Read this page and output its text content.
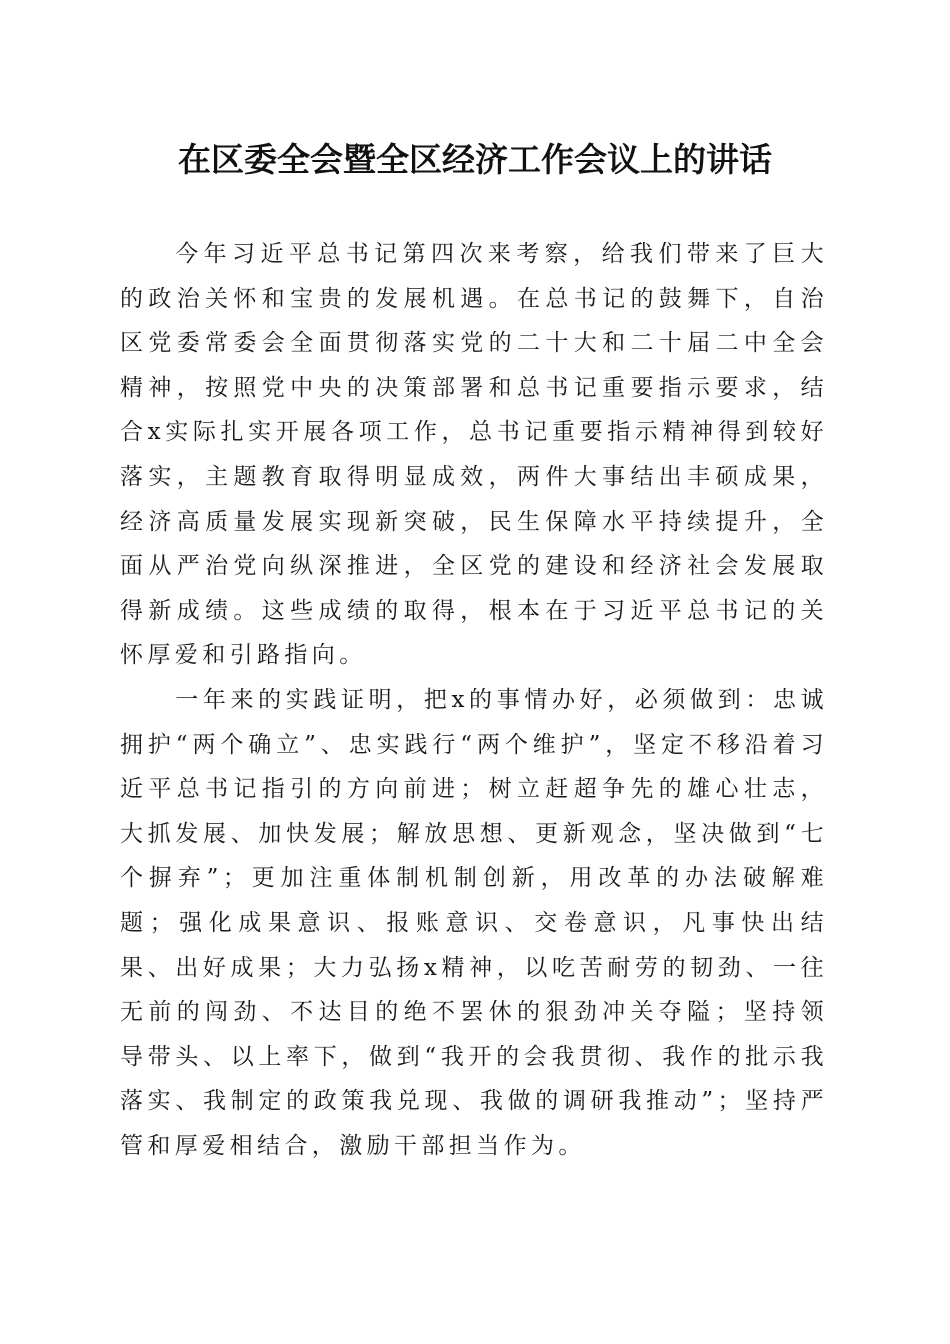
在区委全会暨全区经济工作会议上的讲话

今年习近平总书记第四次来考察，给我们带来了巨大的政治关怀和宝贵的发展机遇。在总书记的鼓舞下，自治区党委常委会全面贯彻落实党的二十大和二十届二中全会精神，按照党中央的决策部署和总书记重要指示要求，结合x实际扎实开展各项工作，总书记重要指示精神得到较好落实，主题教育取得明显成效，两件大事结出丰硕成果，经济高质量发展实现新突破，民生保障水平持续提升，全面从严治党向纵深推进，全区党的建设和经济社会发展取得新成绩。这些成绩的取得，根本在于习近平总书记的关怀厚爱和引路指向。

一年来的实践证明，把x的事情办好，必须做到：忠诚拥护“两个确立”、忠实践行“两个维护”，坚定不移沿着习近平总书记指引的方向前进；树立赶超争先的雄心壮志，大抓发展、加快发展；解放思想、更新观念，坚决做到“七个摒弃”；更加注重体制机制创新，用改革的办法破解难题；强化成果意识、报账意识、交卷意识，凡事快出结果、出好成果；大力弘扬x精神，以吃苦耐劳的韧劲、一往无前的闯劲、不达目的绝不罢休的狠劲冲关夺隘；坚持领导带头、以上率下，做到“我开的会我贯彻、我作的批示我落实、我制定的政策我兑现、我做的调研我推动”；坚持严管和厚爱相结合，激励干部担当作为。
